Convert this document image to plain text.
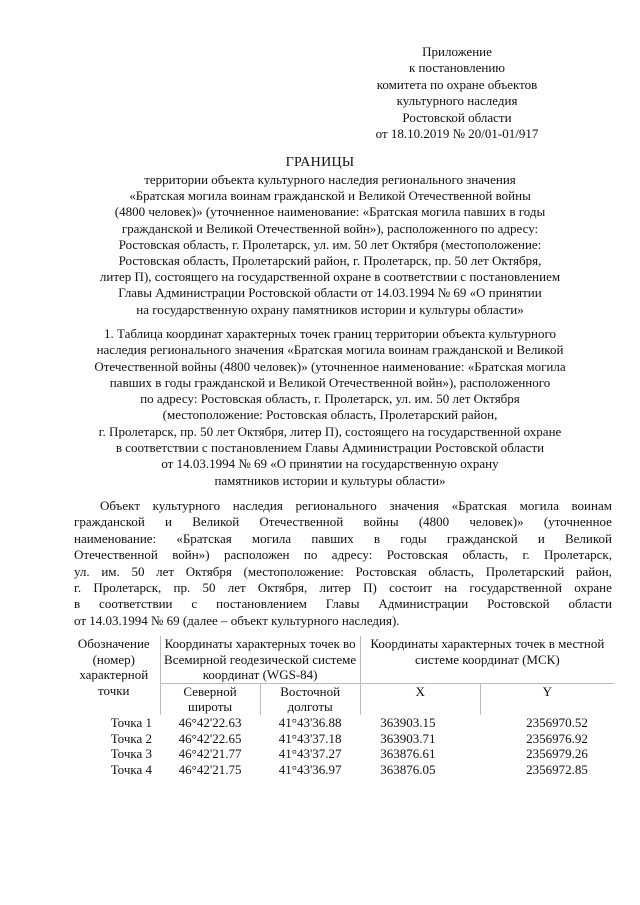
Приложение
к постановлению
комитета по охране объектов
культурного наследия
Ростовской области
от 18.10.2019 № 20/01-01/917
ГРАНИЦЫ
территории объекта культурного наследия регионального значения
«Братская могила воинам гражданской и Великой Отечественной войны
(4800 человек)» (уточненное наименование: «Братская могила павших в годы
гражданской и Великой Отечественной войн»), расположенного по адресу:
Ростовская область, г. Пролетарск, ул. им. 50 лет Октября (местоположение:
Ростовская область, Пролетарский район, г. Пролетарск, пр. 50 лет Октября,
литер П), состоящего на государственной охране в соответствии с постановлением
Главы Администрации Ростовской области от 14.03.1994 № 69 «О принятии
на государственную охрану памятников истории и культуры области»
1. Таблица координат характерных точек границ территории объекта культурного
наследия регионального значения «Братская могила воинам гражданской и Великой
Отечественной войны (4800 человек)» (уточненное наименование: «Братская могила
павших в годы гражданской и Великой Отечественной войн»), расположенного
по адресу: Ростовская область, г. Пролетарск, ул. им. 50 лет Октября
(местоположение: Ростовская область, Пролетарский район,
г. Пролетарск, пр. 50 лет Октября, литер П), состоящего на государственной охране
в соответствии с постановлением Главы Администрации Ростовской области
от 14.03.1994 № 69 «О принятии на государственную охрану
памятников истории и культуры области»
Объект культурного наследия регионального значения «Братская могила воинам
гражданской и Великой Отечественной войны (4800 человек)» (уточненное
наименование: «Братская могила павших в годы гражданской и Великой
Отечественной войн») расположен по адресу: Ростовская область, г. Пролетарск,
ул. им. 50 лет Октября (местоположение: Ростовская область, Пролетарский район,
г. Пролетарск, пр. 50 лет Октября, литер П) состоит на государственной охране
в соответствии с постановлением Главы Администрации Ростовской области
от 14.03.1994 № 69 (далее – объект культурного наследия).
Обозначение (номер) характерной точки	Координаты характерных точек во Всемирной геодезической системе координат (WGS-84)		Координаты характерных точек в местной системе координат (МСК)	
	Северной широты	Восточной долготы	X	Y
Точка 1	46°42'22.63	41°43'36.88	363903.15	2356970.52
Точка 2	46°42'22.65	41°43'37.18	363903.71	2356976.92
Точка 3	46°42'21.77	41°43'37.27	363876.61	2356979.26
Точка 4	46°42'21.75	41°43'36.97	363876.05	2356972.85
